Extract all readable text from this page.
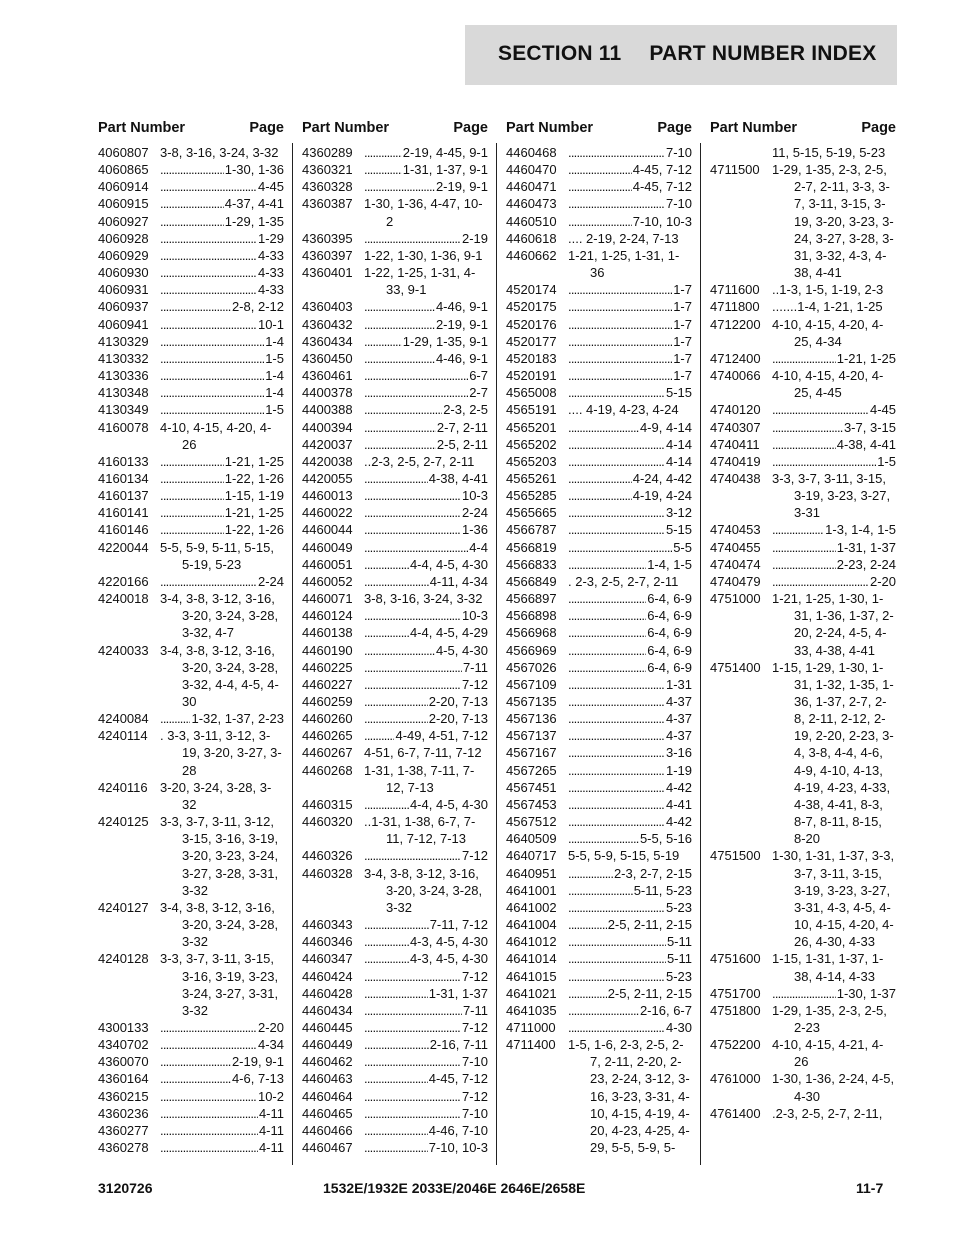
SECTION 11 PART NUMBER INDEX
Part Number	Page
4060807 3-8, 3-16, 3-24, 3-32
4060865 . . .	1-30, 1-36
4060914 . . .	4-45
4060915 . . .	4-37, 4-41
4060927 . . .	1-29, 1-35
4060928 . . .	1-29
4060929 . . .	4-33
4060930 . . .	4-33
4060931 . . .	4-33
4060937 . . .	2-8, 2-12
4060941 . . .	10-1
4130329 . . .	1-4
4130332 . . .	1-5
4130336 . . .	1-4
4130348 . . .	1-4
4130349 . . .	1-5
4160078 4-10, 4-15, 4-20, 4-26
4160133 . . .	1-21, 1-25
4160134 . . .	1-22, 1-26
4160137 . . .	1-15, 1-19
4160141 . . .	1-21, 1-25
4160146 . . .	1-22, 1-26
4220044 5-5, 5-9, 5-11, 5-15, 5-19, 5-23
4220166 . . .	2-24
4240018 3-4, 3-8, 3-12, 3-16, 3-20, 3-24, 3-28, 3-32, 4-7
4240033 3-4, 3-8, 3-12, 3-16, 3-20, 3-24, 3-28, 3-32, 4-4, 4-5, 4-30
4240084 . . .	1-32, 1-37, 2-23
4240114 . 3-3, 3-11, 3-12, 3-19, 3-20, 3-27, 3-28
4240116 3-20, 3-24, 3-28, 3-32
4240125 3-3, 3-7, 3-11, 3-12, 3-15, 3-16, 3-19, 3-20, 3-23, 3-24, 3-27, 3-28, 3-31, 3-32
4240127 3-4, 3-8, 3-12, 3-16, 3-20, 3-24, 3-28, 3-32
4240128 3-3, 3-7, 3-11, 3-15, 3-16, 3-19, 3-23, 3-24, 3-27, 3-31, 3-32
4300133 . . .	2-20
4340702 . . .	4-34
4360070 . . .	2-19, 9-1
4360164 . . .	4-6, 7-13
4360215 . . .	10-2
4360236 . . .	4-11
4360277 . . .	4-11
4360278 . . .	4-11
Part Number	Page
4360289 . . .	2-19, 4-45, 9-1
4360321 . . .	1-31, 1-37, 9-1
4360328 . . .	2-19, 9-1
4360387 1-30, 1-36, 4-47, 10-2
4360395 . . .	2-19
4360397 1-22, 1-30, 1-36, 9-1
4360401 1-22, 1-25, 1-31, 4-33, 9-1
4360403 . . .	4-46, 9-1
4360432 . . .	2-19, 9-1
4360434 . . .	1-29, 1-35, 9-1
4360450 . . .	4-46, 9-1
4360461 . . .	6-7
4400378 . . .	2-7
4400388 . . .	2-3, 2-5
4400394 . . .	2-7, 2-11
4420037 . . .	2-5, 2-11
4420038 ..2-3, 2-5, 2-7, 2-11
4420055 . . .	4-38, 4-41
4460013 . . .	10-3
4460022 . . .	2-24
4460044 . . .	1-36
4460049 . . .	4-4
4460051 . . .	4-4, 4-5, 4-30
4460052 . . .	4-11, 4-34
4460071 3-8, 3-16, 3-24, 3-32
4460124 . . .	10-3
4460138 . . .	4-4, 4-5, 4-29
4460190 . . .	4-5, 4-30
4460225 . . .	7-11
4460227 . . .	7-12
4460259 . . .	2-20, 7-13
4460260 . . .	2-20, 7-13
4460265 . . .	4-49, 4-51, 7-12
4460267 4-51, 6-7, 7-11, 7-12
4460268 1-31, 1-38, 7-11, 7-12, 7-13
4460315 . . .	4-4, 4-5, 4-30
4460320 ..1-31, 1-38, 6-7, 7-11, 7-12, 7-13
4460326 . . .	7-12
4460328 3-4, 3-8, 3-12, 3-16, 3-20, 3-24, 3-28, 3-32
4460343 . . .	7-11, 7-12
4460346 . . .	4-3, 4-5, 4-30
4460347 . . .	4-3, 4-5, 4-30
4460424 . . .	7-12
4460428 . . .	1-31, 1-37
4460434 . . .	7-11
4460445 . . .	7-12
4460449 . . .	2-16, 7-11
4460462 . . .	7-10
4460463 . . .	4-45, 7-12
4460464 . . .	7-12
4460465 . . .	7-10
4460466 . . .	4-46, 7-10
4460467 . . .	7-10, 10-3
Part Number	Page
4460468 . . .	7-10
4460470 . . .	4-45, 7-12
4460471 . . .	4-45, 7-12
4460473 . . .	7-10
4460510 . . .	7-10, 10-3
4460618 .... 2-19, 2-24, 7-13
4460662 1-21, 1-25, 1-31, 1-36
4520174 . . .	1-7
4520175 . . .	1-7
4520176 . . .	1-7
4520177 . . .	1-7
4520183 . . .	1-7
4520191 . . .	1-7
4565008 . . .	5-15
4565191 .... 4-19, 4-23, 4-24
4565201 . . .	4-9, 4-14
4565202 . . .	4-14
4565203 . . .	4-14
4565261 . . .	4-24, 4-42
4565285 . . .	4-19, 4-24
4565665 . . .	3-12
4566787 . . .	5-15
4566819 . . .	5-5
4566833 . . .	1-4, 1-5
4566849 . 2-3, 2-5, 2-7, 2-11
4566897 . . .	6-4, 6-9
4566898 . . .	6-4, 6-9
4566968 . . .	6-4, 6-9
4566969 . . .	6-4, 6-9
4567026 . . .	6-4, 6-9
4567109 . . .	1-31
4567135 . . .	4-37
4567136 . . .	4-37
4567137 . . .	4-37
4567167 . . .	3-16
4567265 . . .	1-19
4567451 . . .	4-42
4567453 . . .	4-41
4567512 . . .	4-42
4640509 . . .	5-5, 5-16
4640717 5-5, 5-9, 5-15, 5-19
4640951 . . .	2-3, 2-7, 2-15
4641001 . . .	5-11, 5-23
4641002 . . .	5-23
4641004 . . .	2-5, 2-11, 2-15
4641012 . . .	5-11
4641014 . . .	5-11
4641015 . . .	5-23
4641021 . . .	2-5, 2-11, 2-15
4641035 . . .	2-16, 6-7
4711000 . . .	4-30
4711400 1-5, 1-6, 2-3, 2-5, 2-7, 2-11, 2-20, 2-23, 2-24, 3-12, 3-16, 3-23, 3-31, 4-10, 4-15, 4-19, 4-20, 4-23, 4-25, 4-29, 5-5, 5-9, 5-
Part Number	Page
11, 5-15, 5-19, 5-23
4711500 1-29, 1-35, 2-3, 2-5, 2-7, 2-11, 3-3, 3-7, 3-11, 3-15, 3-19, 3-20, 3-23, 3-24, 3-27, 3-28, 3-31, 3-32, 4-3, 4-38, 4-41
4711600 ..1-3, 1-5, 1-19, 2-3
4711800 .......1-4, 1-21, 1-25
4712200 4-10, 4-15, 4-20, 4-25, 4-34
4712400 . . .	1-21, 1-25
4740066 4-10, 4-15, 4-20, 4-25, 4-45
4740120 . . .	4-45
4740307 . . .	3-7, 3-15
4740411 . . .	4-38, 4-41
4740419 . . .	1-5
4740438 3-3, 3-7, 3-11, 3-15, 3-19, 3-23, 3-27, 3-31
4740453 . . .	1-3, 1-4, 1-5
4740455 . . .	1-31, 1-37
4740474 . . .	2-23, 2-24
4740479 . . .	2-20
4751000 1-21, 1-25, 1-30, 1-31, 1-36, 1-37, 2-20, 2-24, 4-5, 4-33, 4-38, 4-41
4751400 1-15, 1-29, 1-30, 1-31, 1-32, 1-35, 1-36, 1-37, 2-7, 2-8, 2-11, 2-12, 2-19, 2-20, 2-23, 3-4, 3-8, 4-4, 4-6, 4-9, 4-10, 4-13, 4-19, 4-23, 4-33, 4-38, 4-41, 8-3, 8-7, 8-11, 8-15, 8-20
4751500 1-30, 1-31, 1-37, 3-3, 3-7, 3-11, 3-15, 3-19, 3-23, 3-27, 3-31, 4-3, 4-5, 4-10, 4-15, 4-20, 4-26, 4-30, 4-33
4751600 1-15, 1-31, 1-37, 1-38, 4-14, 4-33
4751700 . . .	1-30, 1-37
4751800 1-29, 1-35, 2-3, 2-5, 2-23
4752200 4-10, 4-15, 4-21, 4-26
4761000 1-30, 1-36, 2-24, 4-5, 4-30
4761400 .2-3, 2-5, 2-7, 2-11,
3120726	1532E/1932E 2033E/2046E 2646E/2658E	11-7
